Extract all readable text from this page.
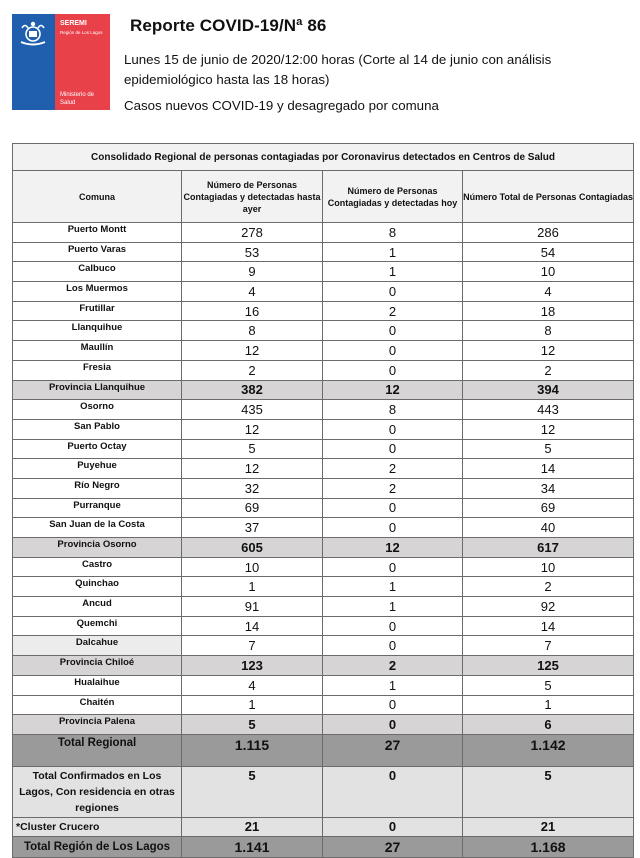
SEREMI
Región de Los Lagos
Ministerio de
Salud
Reporte COVID-19/Nª 86
Lunes 15 de junio de 2020/12:00 horas (Corte al 14 de junio con análisis epidemiológico hasta las 18 horas)
Casos nuevos COVID-19 y desagregado por comuna
Consolidado Regional de personas contagiadas por Coronavirus detectados en Centros de Salud			
Comuna	Número de Personas Contagiadas y detectadas hasta ayer	Número de Personas Contagiadas y detectadas hoy	Número Total de Personas Contagiadas
Puerto Montt	278	8	286
Puerto Varas	53	1	54
Calbuco	9	1	10
Los Muermos	4	0	4
Frutillar	16	2	18
Llanquihue	8	0	8
Maullín	12	0	12
Fresia	2	0	2
Provincia Llanquihue	382	12	394
Osorno	435	8	443
San Pablo	12	0	12
Puerto Octay	5	0	5
Puyehue	12	2	14
Río Negro	32	2	34
Purranque	69	0	69
San Juan de la Costa	37	0	40
Provincia Osorno	605	12	617
Castro	10	0	10
Quinchao	1	1	2
Ancud	91	1	92
Quemchi	14	0	14
Dalcahue	7	0	7
Provincia Chiloé	123	2	125
Hualaihue	4	1	5
Chaitén	1	0	1
Provincia Palena	5	0	6
Total Regional	1.115	27	1.142
Total Confirmados en Los Lagos, Con residencia en otras regiones	5	0	5
*Cluster Crucero	21	0	21
Total Región de Los Lagos	1.141	27	1.168
